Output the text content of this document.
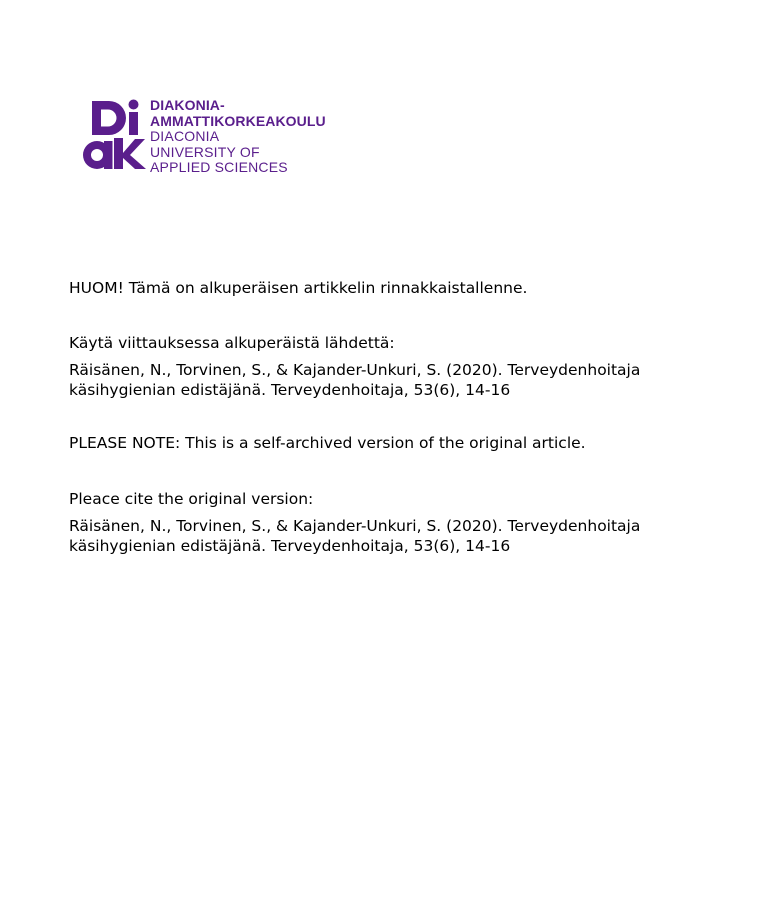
DIAKONIA-
AMMATTIKORKEAKOULU
DIACONIA
UNIVERSITY OF
APPLIED SCIENCES

HUOM! Tämä on alkuperäisen artikkelin rinnakkaistallenne.

Käytä viittauksessa alkuperäistä lähdettä:

Räisänen, N., Torvinen, S., & Kajander-Unkuri, S. (2020). Terveydenhoitaja

käsihygienian edistäjänä. Terveydenhoitaja, 53(6), 14-16

PLEASE NOTE: This is a self-archived version of the original article.

Pleace cite the original version:

Räisänen, N., Torvinen, S., & Kajander-Unkuri, S. (2020). Terveydenhoitaja

käsihygienian edistäjänä. Terveydenhoitaja, 53(6), 14-16
